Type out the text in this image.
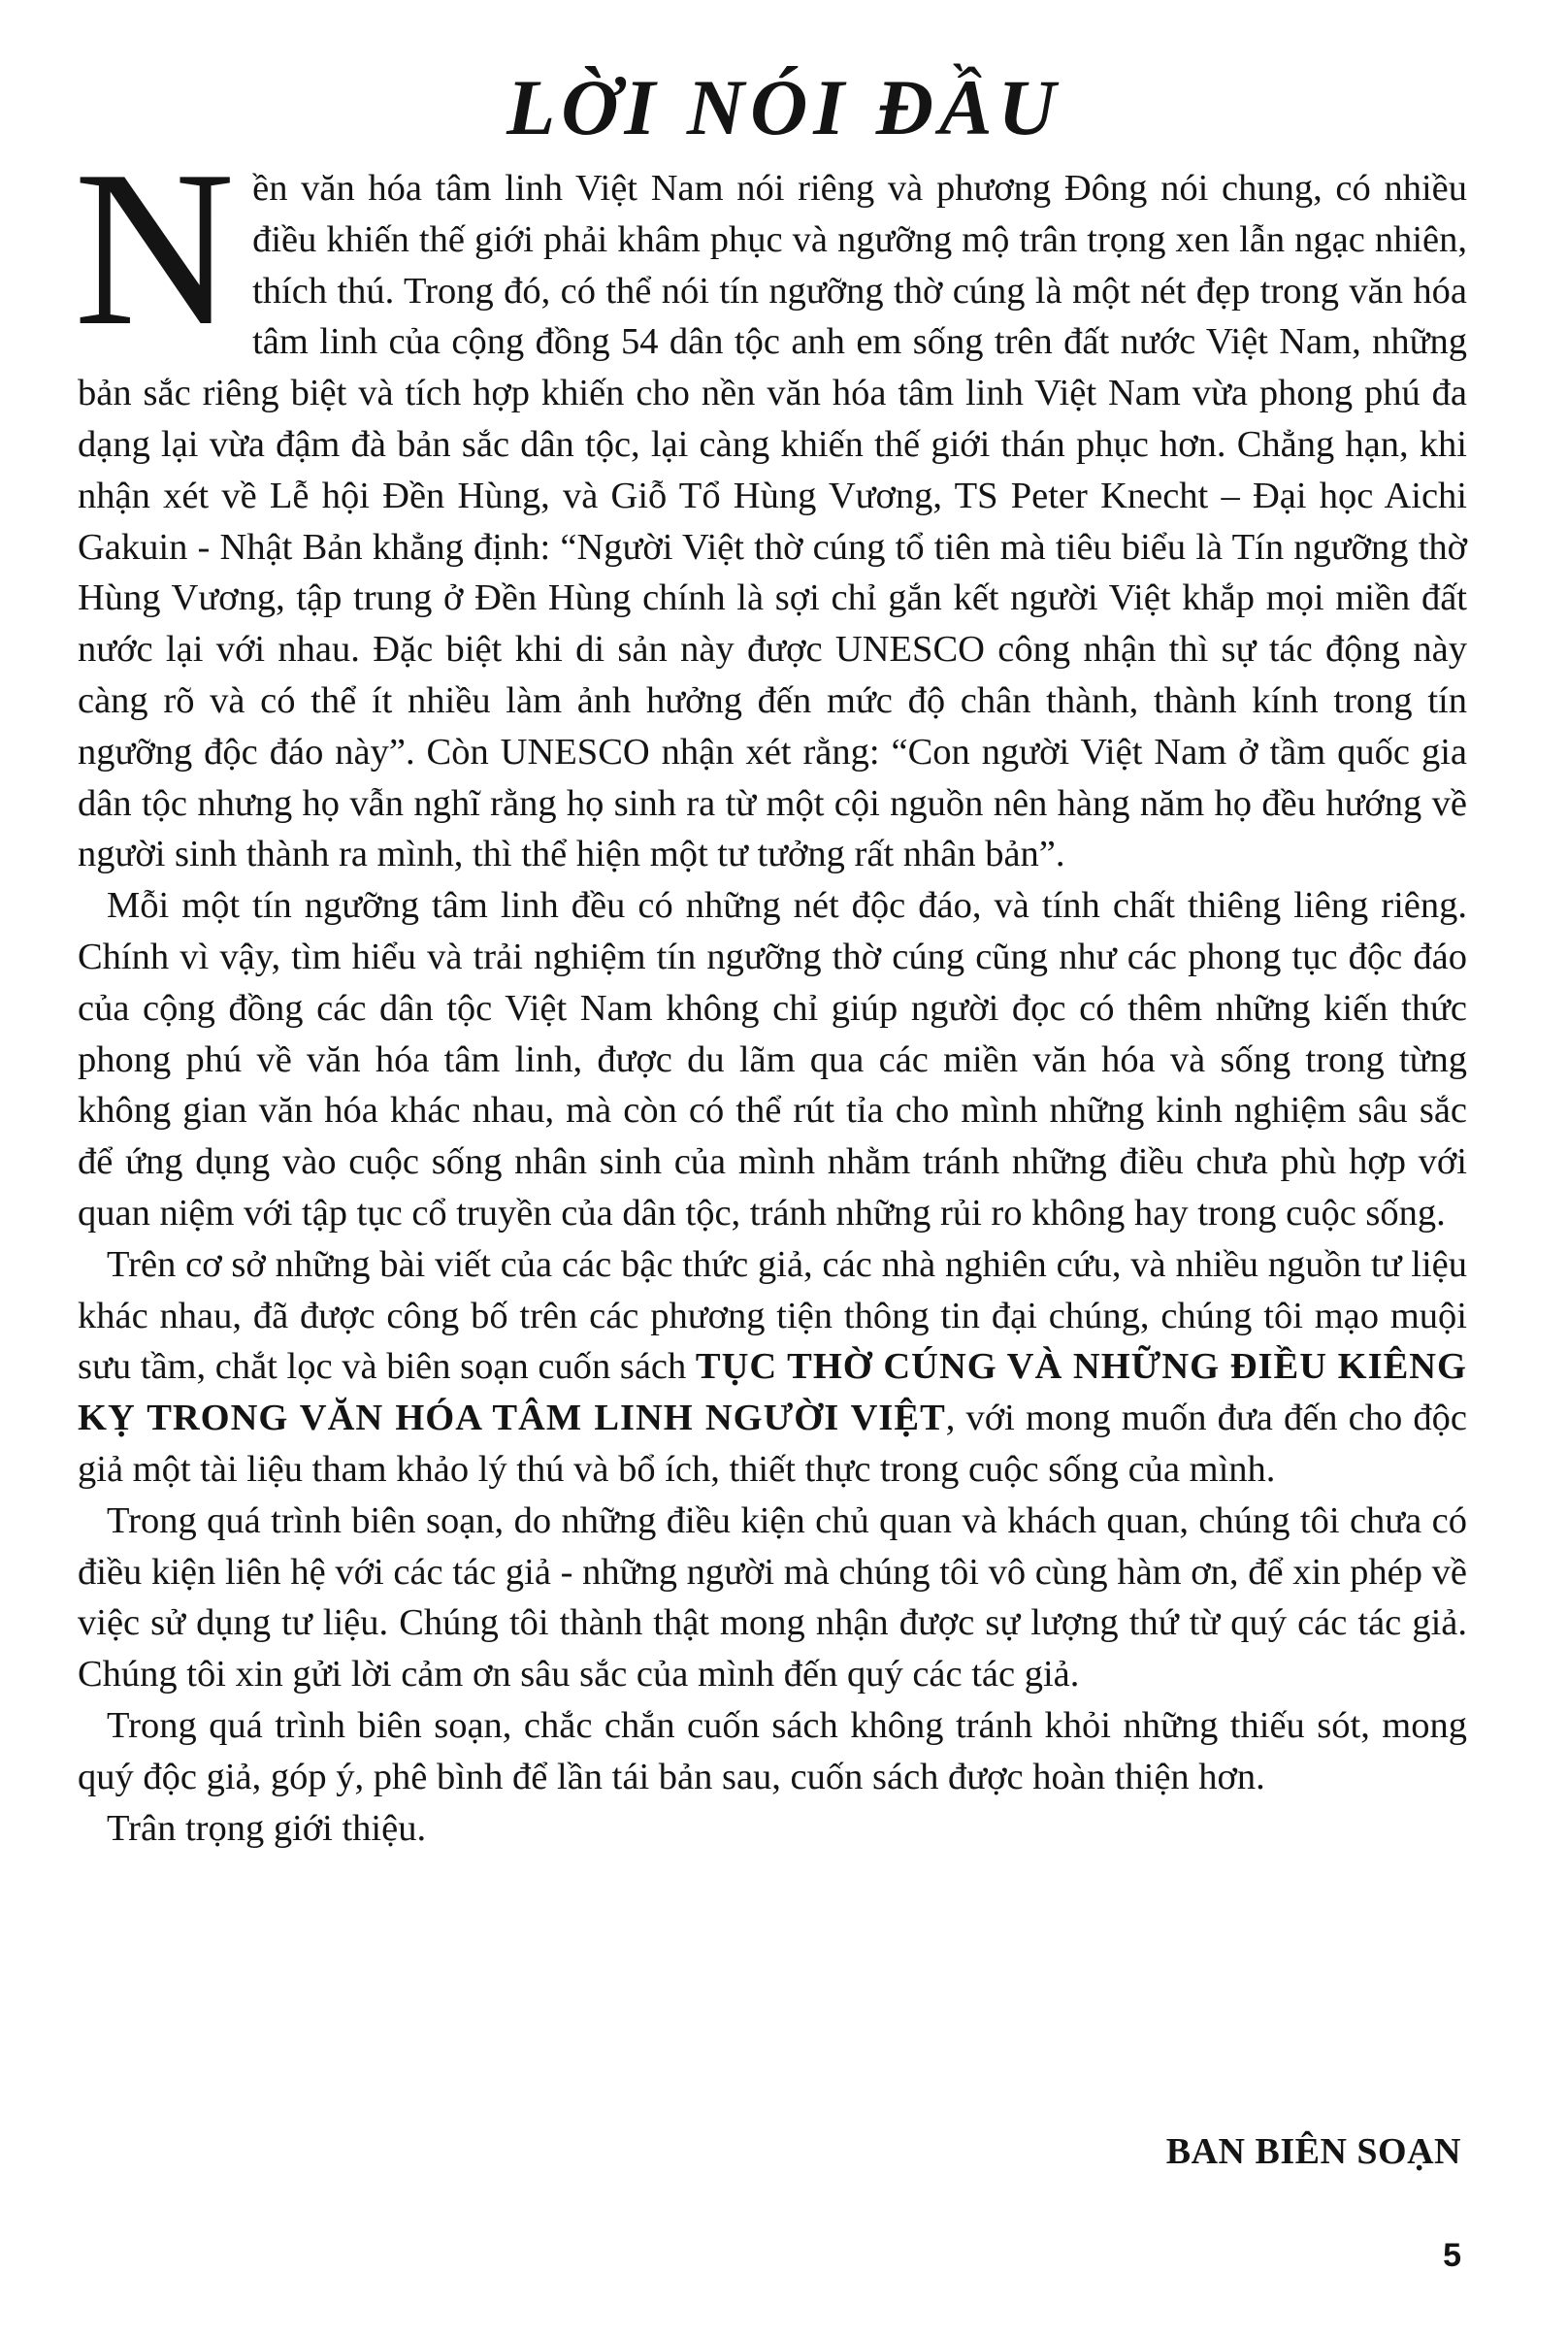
LỜI NÓI ĐẦU

Nền văn hóa tâm linh Việt Nam nói riêng và phương Đông nói chung, có nhiều điều khiến thế giới phải khâm phục và ngưỡng mộ trân trọng xen lẫn ngạc nhiên, thích thú. Trong đó, có thể nói tín ngưỡng thờ cúng là một nét đẹp trong văn hóa tâm linh của cộng đồng 54 dân tộc anh em sống trên đất nước Việt Nam, những bản sắc riêng biệt và tích hợp khiến cho nền văn hóa tâm linh Việt Nam vừa phong phú đa dạng lại vừa đậm đà bản sắc dân tộc, lại càng khiến thế giới thán phục hơn. Chẳng hạn, khi nhận xét về Lễ hội Đền Hùng, và Giỗ Tổ Hùng Vương, TS Peter Knecht – Đại học Aichi Gakuin - Nhật Bản khẳng định: “Người Việt thờ cúng tổ tiên mà tiêu biểu là Tín ngưỡng thờ Hùng Vương, tập trung ở Đền Hùng chính là sợi chỉ gắn kết người Việt khắp mọi miền đất nước lại với nhau. Đặc biệt khi di sản này được UNESCO công nhận thì sự tác động này càng rõ và có thể ít nhiều làm ảnh hưởng đến mức độ chân thành, thành kính trong tín ngưỡng độc đáo này”. Còn UNESCO nhận xét rằng: “Con người Việt Nam ở tầm quốc gia dân tộc nhưng họ vẫn nghĩ rằng họ sinh ra từ một cội nguồn nên hàng năm họ đều hướng về người sinh thành ra mình, thì thể hiện một tư tưởng rất nhân bản”.

Mỗi một tín ngưỡng tâm linh đều có những nét độc đáo, và tính chất thiêng liêng riêng. Chính vì vậy, tìm hiểu và trải nghiệm tín ngưỡng thờ cúng cũng như các phong tục độc đáo của cộng đồng các dân tộc Việt Nam không chỉ giúp người đọc có thêm những kiến thức phong phú về văn hóa tâm linh, được du lãm qua các miền văn hóa và sống trong từng không gian văn hóa khác nhau, mà còn có thể rút tỉa cho mình những kinh nghiệm sâu sắc để ứng dụng vào cuộc sống nhân sinh của mình nhằm tránh những điều chưa phù hợp với quan niệm với tập tục cổ truyền của dân tộc, tránh những rủi ro không hay trong cuộc sống.

Trên cơ sở những bài viết của các bậc thức giả, các nhà nghiên cứu, và nhiều nguồn tư liệu khác nhau, đã được công bố trên các phương tiện thông tin đại chúng, chúng tôi mạo muội sưu tầm, chắt lọc và biên soạn cuốn sách TỤC THỜ CÚNG VÀ NHỮNG ĐIỀU KIÊNG KỴ TRONG VĂN HÓA TÂM LINH NGƯỜI VIỆT, với mong muốn đưa đến cho độc giả một tài liệu tham khảo lý thú và bổ ích, thiết thực trong cuộc sống của mình.

Trong quá trình biên soạn, do những điều kiện chủ quan và khách quan, chúng tôi chưa có điều kiện liên hệ với các tác giả - những người mà chúng tôi vô cùng hàm ơn, để xin phép về việc sử dụng tư liệu. Chúng tôi thành thật mong nhận được sự lượng thứ từ quý các tác giả. Chúng tôi xin gửi lời cảm ơn sâu sắc của mình đến quý các tác giả.

Trong quá trình biên soạn, chắc chắn cuốn sách không tránh khỏi những thiếu sót, mong quý độc giả, góp ý, phê bình để lần tái bản sau, cuốn sách được hoàn thiện hơn.

Trân trọng giới thiệu.

BAN BIÊN SOẠN
5
